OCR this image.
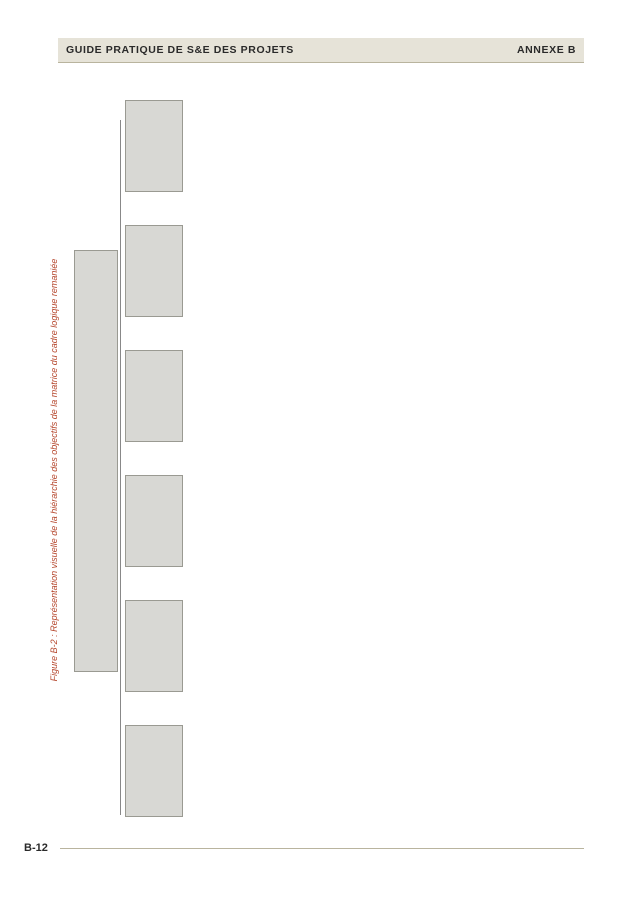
GUIDE PRATIQUE DE S&E DES PROJETS	ANNEXE B
Figure B-2 : Représentation visuelle de la hiérarchie des objectifs de la matrice du cadre logique remaniée
B-12
